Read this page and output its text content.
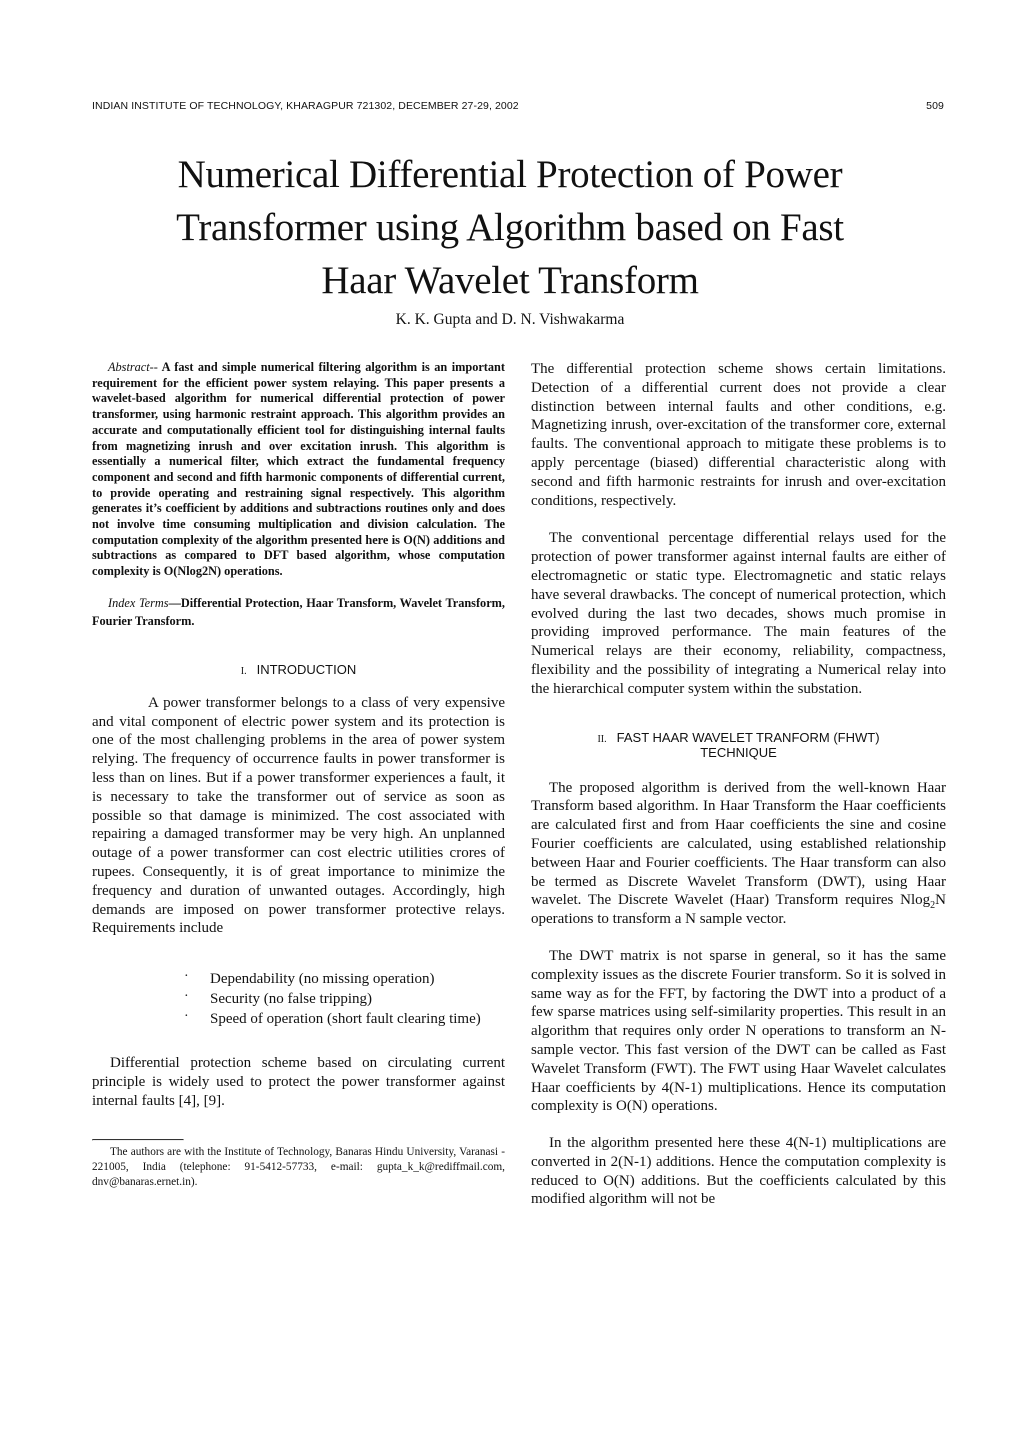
INDIAN INSTITUTE OF TECHNOLOGY, KHARAGPUR 721302, DECEMBER 27-29, 2002	509
Numerical Differential Protection of Power
Transformer using Algorithm based on Fast
Haar Wavelet Transform
K. K. Gupta and D. N. Vishwakarma

Abstract-- A fast and simple numerical filtering algorithm is an important requirement for the efficient power system relaying. This paper presents a wavelet-based algorithm for numerical differential protection of power transformer, using harmonic restraint approach. This algorithm provides an accurate and computationally efficient tool for distinguishing internal faults from magnetizing inrush and over excitation inrush. This algorithm is essentially a numerical filter, which extract the fundamental frequency component and second and fifth harmonic components of differential current, to provide operating and restraining signal respectively. This algorithm generates it’s coefficient by additions and subtractions routines only and does not involve time consuming multiplication and division calculation. The computation complexity of the algorithm presented here is O(N) additions and subtractions as compared to DFT based algorithm, whose computation complexity is O(Nlog2N) operations.

Index Terms—Differential Protection, Haar Transform, Wavelet Transform, Fourier Transform.

I. INTRODUCTION

A power transformer belongs to a class of very expensive and vital component of electric power system and its protection is one of the most challenging problems in the area of power system relying. The frequency of occurrence faults in power transformer is less than on lines. But if a power transformer experiences a fault, it is necessary to take the transformer out of service as soon as possible so that damage is minimized. The cost associated with repairing a damaged transformer may be very high. An unplanned outage of a power transformer can cost electric utilities crores of rupees. Consequently, it is of great importance to minimize the frequency and duration of unwanted outages. Accordingly, high demands are imposed on power transformer protective relays. Requirements include

· Dependability (no missing operation)
· Security (no false tripping)
· Speed of operation (short fault clearing time)

Differential protection scheme based on circulating current principle is widely used to protect the power transformer against internal faults [4], [9].

The authors are with the Institute of Technology, Banaras Hindu University, Varanasi - 221005, India (telephone: 91-5412-57733, e-mail: gupta_k_k@rediffmail.com, dnv@banaras.ernet.in).

The differential protection scheme shows certain limitations. Detection of a differential current does not provide a clear distinction between internal faults and other conditions, e.g. Magnetizing inrush, over-excitation of the transformer core, external faults. The conventional approach to mitigate these problems is to apply percentage (biased) differential characteristic along with second and fifth harmonic restraints for inrush and over-excitation conditions, respectively.

The conventional percentage differential relays used for the protection of power transformer against internal faults are either of electromagnetic or static type. Electromagnetic and static relays have several drawbacks. The concept of numerical protection, which evolved during the last two decades, shows much promise in providing improved performance. The main features of the Numerical relays are their economy, reliability, compactness, flexibility and the possibility of integrating a Numerical relay into the hierarchical computer system within the substation.

II. FAST HAAR WAVELET TRANFORM (FHWT)
TECHNIQUE

The proposed algorithm is derived from the well-known Haar Transform based algorithm. In Haar Transform the Haar coefficients are calculated first and from Haar coefficients the sine and cosine Fourier coefficients are calculated, using established relationship between Haar and Fourier coefficients. The Haar transform can also be termed as Discrete Wavelet Transform (DWT), using Haar wavelet. The Discrete Wavelet (Haar) Transform requires Nlog$_2$N operations to transform a N sample vector.

The DWT matrix is not sparse in general, so it has the same complexity issues as the discrete Fourier transform. So it is solved in same way as for the FFT, by factoring the DWT into a product of a few sparse matrices using self-similarity properties. This result in an algorithm that requires only order N operations to transform an N-sample vector. This fast version of the DWT can be called as Fast Wavelet Transform (FWT). The FWT using Haar Wavelet calculates Haar coefficients by 4(N-1) multiplications. Hence its computation complexity is O(N) operations.

In the algorithm presented here these 4(N-1) multiplications are converted in 2(N-1) additions. Hence the computation complexity is reduced to O(N) additions. But the coefficients calculated by this modified algorithm will not be
